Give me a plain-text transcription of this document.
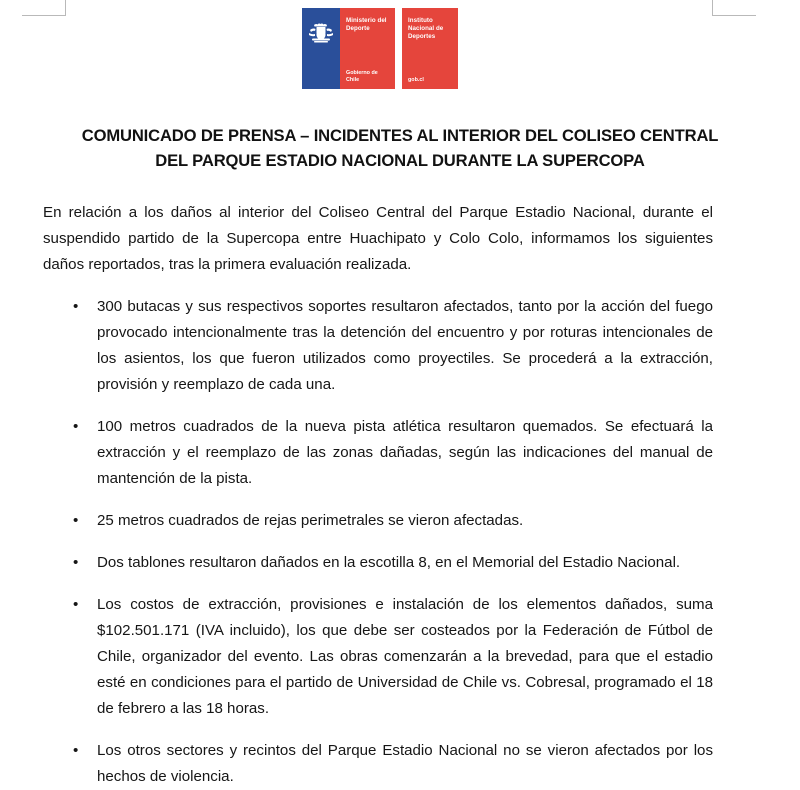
Ministerio del Deporte
Gobierno de Chile
Instituto Nacional de Deportes
gob.cl
COMUNICADO DE PRENSA – INCIDENTES AL INTERIOR DEL COLISEO CENTRAL
DEL PARQUE ESTADIO NACIONAL DURANTE LA SUPERCOPA

En relación a los daños al interior del Coliseo Central del Parque Estadio Nacional, durante el suspendido partido de la Supercopa entre Huachipato y Colo Colo, informamos los siguientes daños reportados, tras la primera evaluación realizada.

• 300 butacas y sus respectivos soportes resultaron afectados, tanto por la acción del fuego provocado intencionalmente tras la detención del encuentro y por roturas intencionales de los asientos, los que fueron utilizados como proyectiles. Se procederá a la extracción, provisión y reemplazo de cada una.
• 100 metros cuadrados de la nueva pista atlética resultaron quemados. Se efectuará la extracción y el reemplazo de las zonas dañadas, según las indicaciones del manual de mantención de la pista.
• 25 metros cuadrados de rejas perimetrales se vieron afectadas.
• Dos tablones resultaron dañados en la escotilla 8, en el Memorial del Estadio Nacional.
• Los costos de extracción, provisiones e instalación de los elementos dañados, suma $102.501.171 (IVA incluido), los que debe ser costeados por la Federación de Fútbol de Chile, organizador del evento. Las obras comenzarán a la brevedad, para que el estadio esté en condiciones para el partido de Universidad de Chile vs. Cobresal, programado el 18 de febrero a las 18 horas.
• Los otros sectores y recintos del Parque Estadio Nacional no se vieron afectados por los hechos de violencia.
